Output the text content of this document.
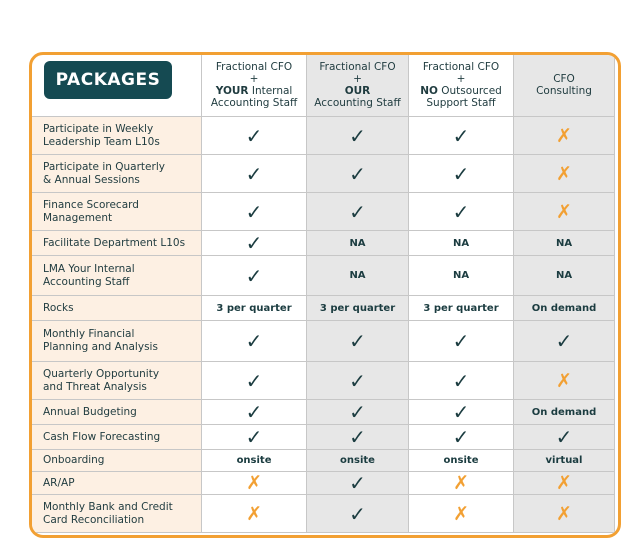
PACKAGES

	Fractional CFO
+
YOUR Internal
Accounting Staff	Fractional CFO
+
OUR
Accounting Staff	Fractional CFO
+
NO Outsourced
Support Staff	CFO
Consulting

Participate in Weekly
Leadership Team L10s	✓	✓	✓	✗

Participate in Quarterly
& Annual Sessions	✓	✓	✓	✗

Finance Scorecard
Management	✓	✓	✓	✗

Facilitate Department L10s	✓	NA	NA	NA

LMA Your Internal
Accounting Staff	✓	NA	NA	NA

Rocks	3 per quarter	3 per quarter	3 per quarter	On demand

Monthly Financial
Planning and Analysis	✓	✓	✓	✓

Quarterly Opportunity
and Threat Analysis	✓	✓	✓	✗

Annual Budgeting	✓	✓	✓	On demand

Cash Flow Forecasting	✓	✓	✓	✓

Onboarding	onsite	onsite	onsite	virtual

AR/AP	✗	✓	✗	✗

Monthly Bank and Credit
Card Reconciliation	✗	✓	✗	✗
